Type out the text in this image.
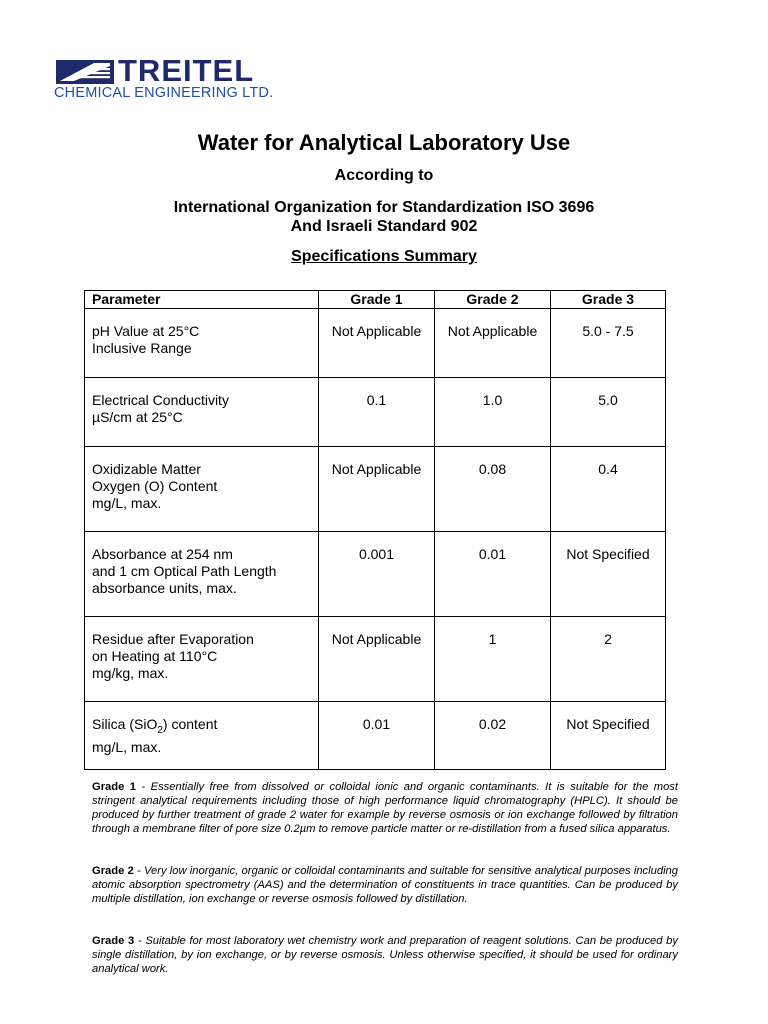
TREITEL
CHEMICAL ENGINEERING LTD.
Water for Analytical Laboratory Use
According to
International Organization for Standardization ISO 3696
And Israeli Standard 902
Specifications Summary
Parameter	Grade 1	Grade 2	Grade 3

pH Value at 25°C
Inclusive Range	Not Applicable	Not Applicable	5.0 - 7.5

Electrical Conductivity
µS/cm at 25°C	0.1	1.0	5.0

Oxidizable Matter
Oxygen (O) Content
mg/L, max.	Not Applicable	0.08	0.4

Absorbance at 254 nm
and 1 cm Optical Path Length
absorbance units, max.	0.001	0.01	Not Specified

Residue after Evaporation
on Heating at 110°C
mg/kg, max.	Not Applicable	1	2

Silica (SiO$_2$) content
mg/L, max.	0.01	0.02	Not Specified
Grade 1 - Essentially free from dissolved or colloidal ionic and organic contaminants. It is suitable for the most stringent analytical requirements including those of high performance liquid chromatography (HPLC). It should be produced by further treatment of grade 2 water for example by reverse osmosis or ion exchange followed by filtration through a membrane filter of pore size 0.2µm to remove particle matter or re-distillation from a fused silica apparatus.
Grade 2 - Very low inorganic, organic or colloidal contaminants and suitable for sensitive analytical purposes including atomic absorption spectrometry (AAS) and the determination of constituents in trace quantities. Can be produced by multiple distillation, ion exchange or reverse osmosis followed by distillation.
Grade 3 - Suitable for most laboratory wet chemistry work and preparation of reagent solutions. Can be produced by single distillation, by ion exchange, or by reverse osmosis. Unless otherwise specified, it should be used for ordinary analytical work.
